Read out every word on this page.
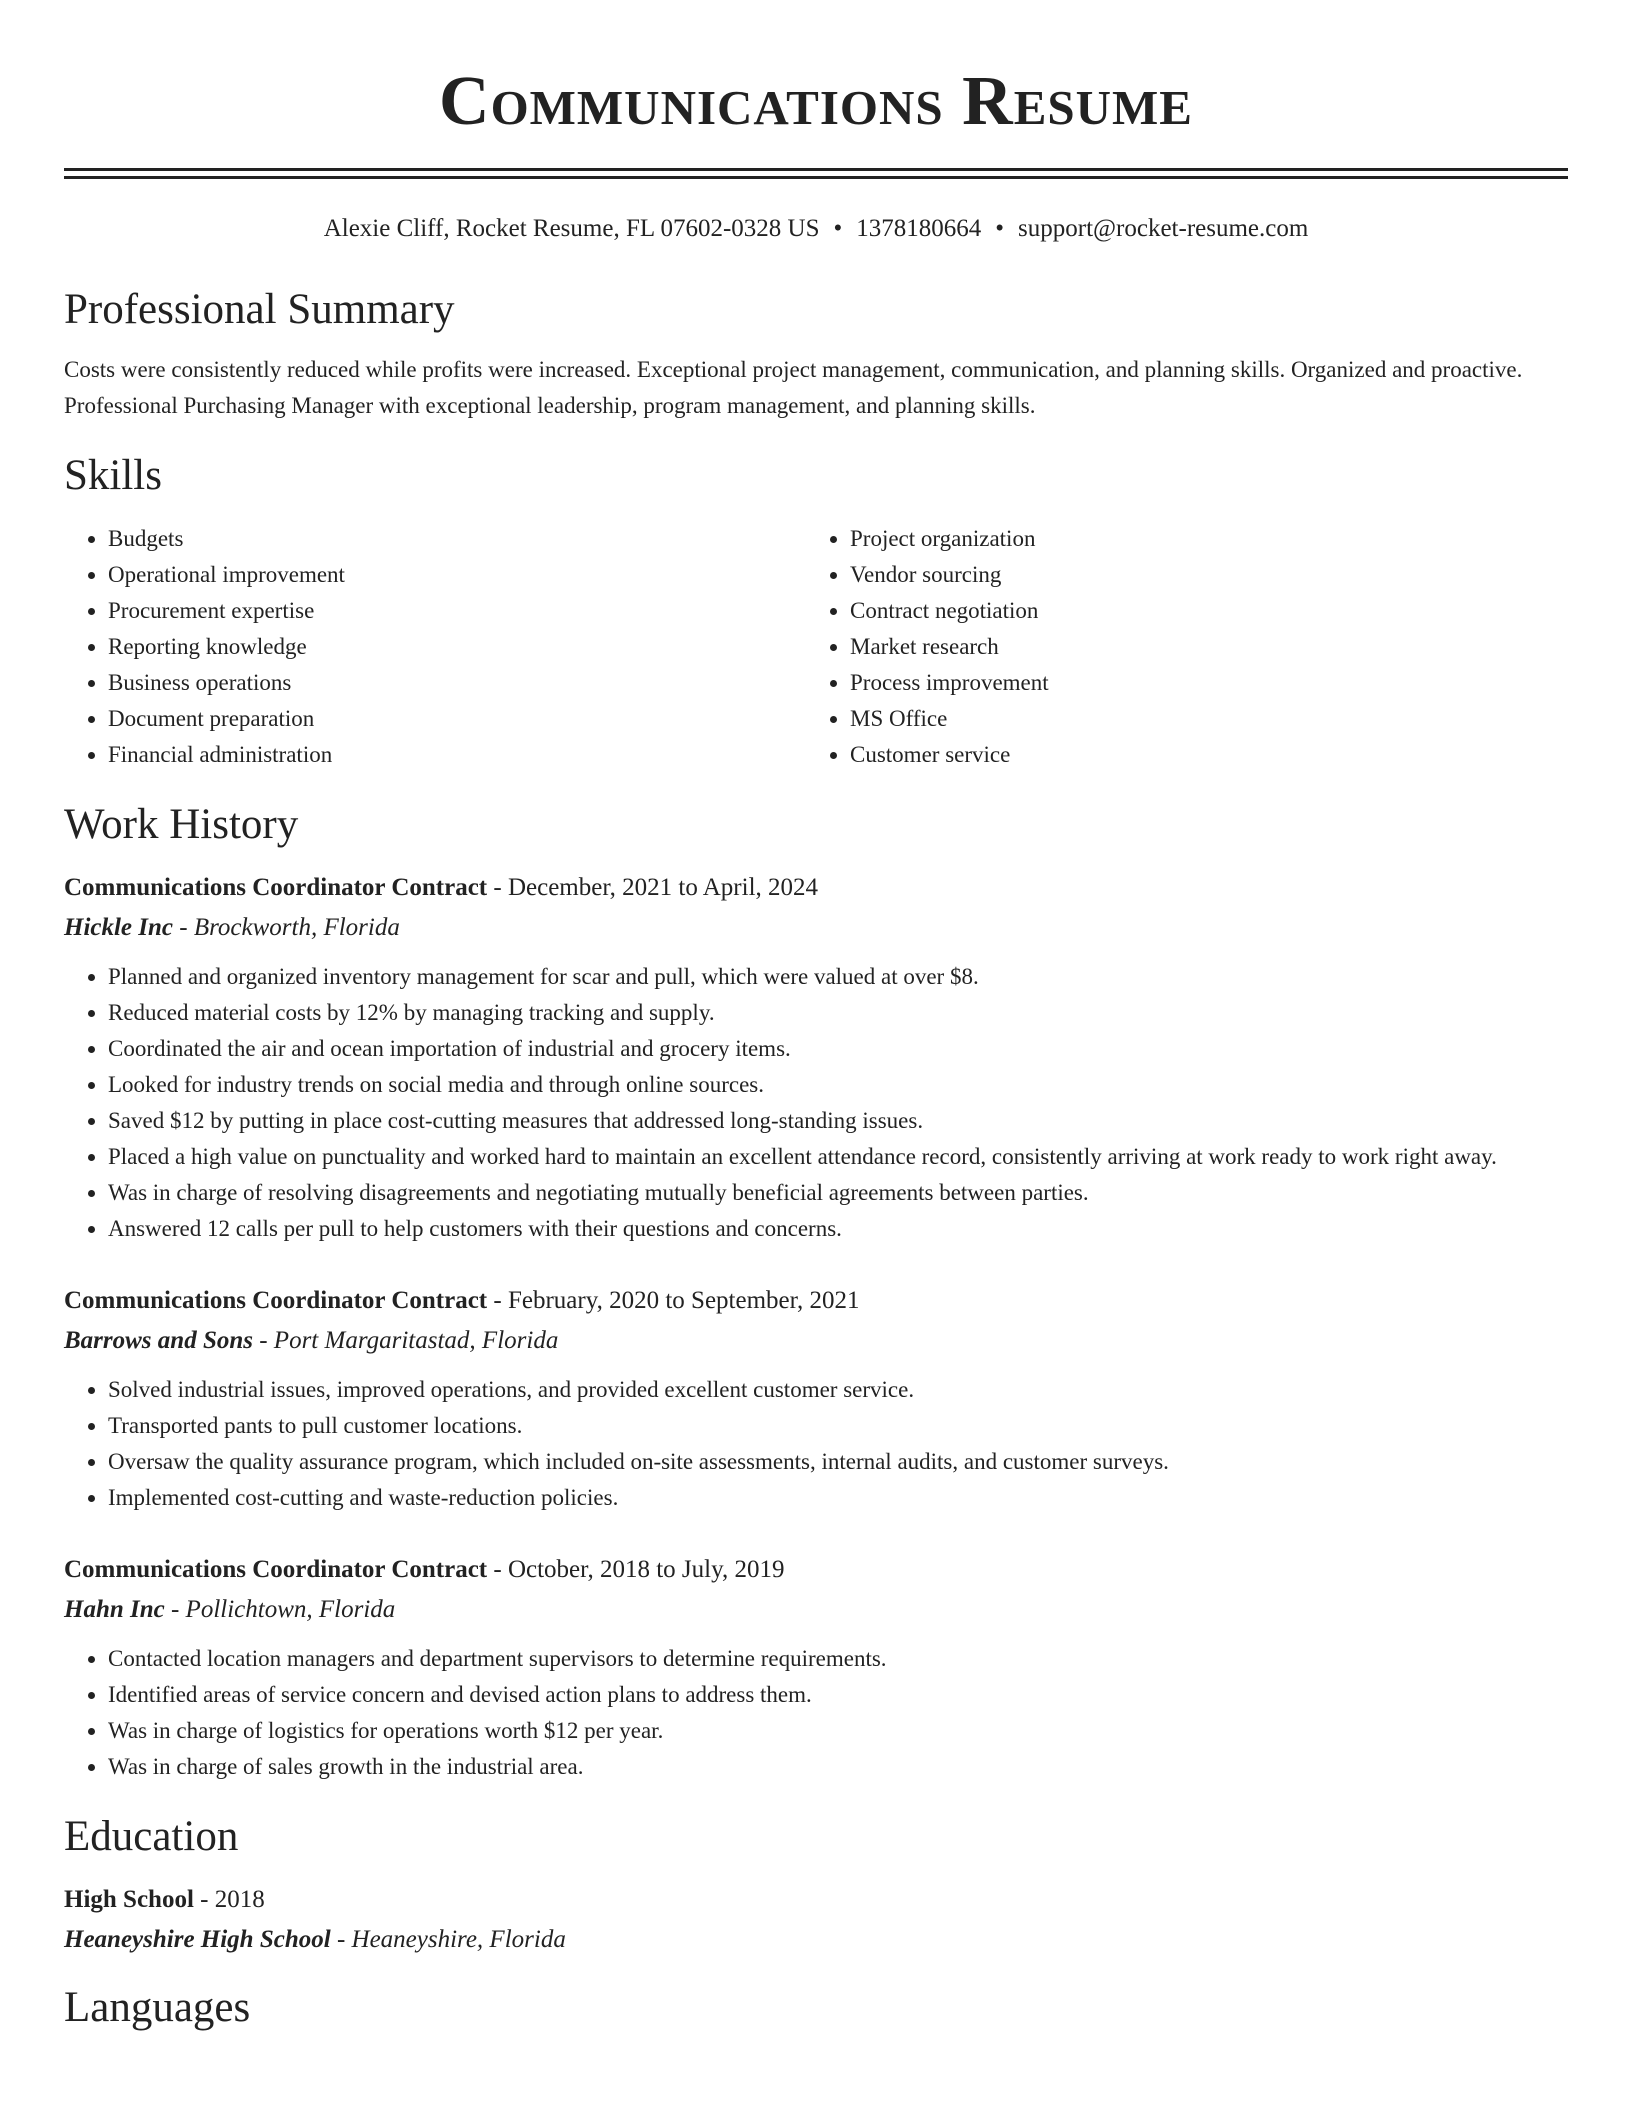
Communications Resume
Alexie Cliff, Rocket Resume, FL 07602-0328 US • 1378180664 • support@rocket-resume.com
Professional Summary
Costs were consistently reduced while profits were increased. Exceptional project management, communication, and planning skills. Organized and proactive. Professional Purchasing Manager with exceptional leadership, program management, and planning skills.
Skills
• Budgets
• Operational improvement
• Procurement expertise
• Reporting knowledge
• Business operations
• Document preparation
• Financial administration
• Project organization
• Vendor sourcing
• Contract negotiation
• Market research
• Process improvement
• MS Office
• Customer service
Work History
Communications Coordinator Contract - December, 2021 to April, 2024
Hickle Inc - Brockworth, Florida
• Planned and organized inventory management for scar and pull, which were valued at over $8.
• Reduced material costs by 12% by managing tracking and supply.
• Coordinated the air and ocean importation of industrial and grocery items.
• Looked for industry trends on social media and through online sources.
• Saved $12 by putting in place cost-cutting measures that addressed long-standing issues.
• Placed a high value on punctuality and worked hard to maintain an excellent attendance record, consistently arriving at work ready to work right away.
• Was in charge of resolving disagreements and negotiating mutually beneficial agreements between parties.
• Answered 12 calls per pull to help customers with their questions and concerns.
Communications Coordinator Contract - February, 2020 to September, 2021
Barrows and Sons - Port Margaritastad, Florida
• Solved industrial issues, improved operations, and provided excellent customer service.
• Transported pants to pull customer locations.
• Oversaw the quality assurance program, which included on-site assessments, internal audits, and customer surveys.
• Implemented cost-cutting and waste-reduction policies.
Communications Coordinator Contract - October, 2018 to July, 2019
Hahn Inc - Pollichtown, Florida
• Contacted location managers and department supervisors to determine requirements.
• Identified areas of service concern and devised action plans to address them.
• Was in charge of logistics for operations worth $12 per year.
• Was in charge of sales growth in the industrial area.
Education
High School - 2018
Heaneyshire High School - Heaneyshire, Florida
Languages
